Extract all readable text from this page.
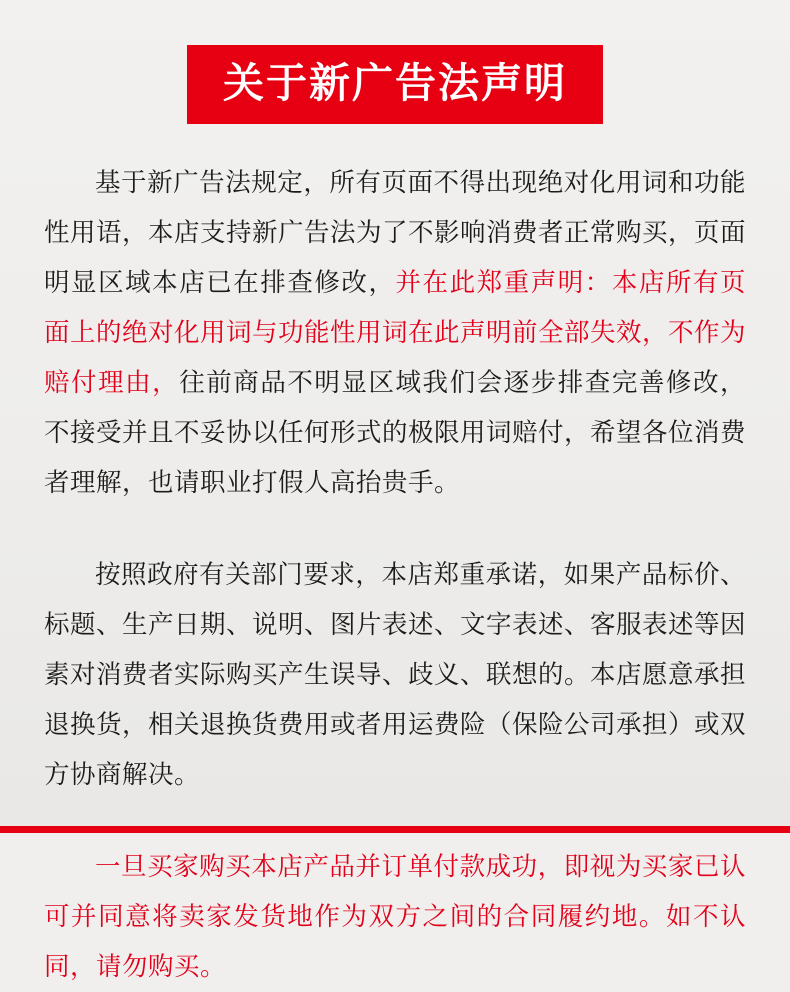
关于新广告法声明

基于新广告法规定，所有页面不得出现绝对化用词和功能性用语，本店支持新广告法为了不影响消费者正常购买，页面明显区域本店已在排查修改，并在此郑重声明：本店所有页面上的绝对化用词与功能性用词在此声明前全部失效，不作为赔付理由，往前商品不明显区域我们会逐步排查完善修改，不接受并且不妥协以任何形式的极限用词赔付，希望各位消费者理解，也请职业打假人高抬贵手。

按照政府有关部门要求，本店郑重承诺，如果产品标价、标题、生产日期、说明、图片表述、文字表述、客服表述等因素对消费者实际购买产生误导、歧义、联想的。本店愿意承担退换货，相关退换货费用或者用运费险（保险公司承担）或双方协商解决。

一旦买家购买本店产品并订单付款成功，即视为买家已认可并同意将卖家发货地作为双方之间的合同履约地。如不认同，请勿购买。
